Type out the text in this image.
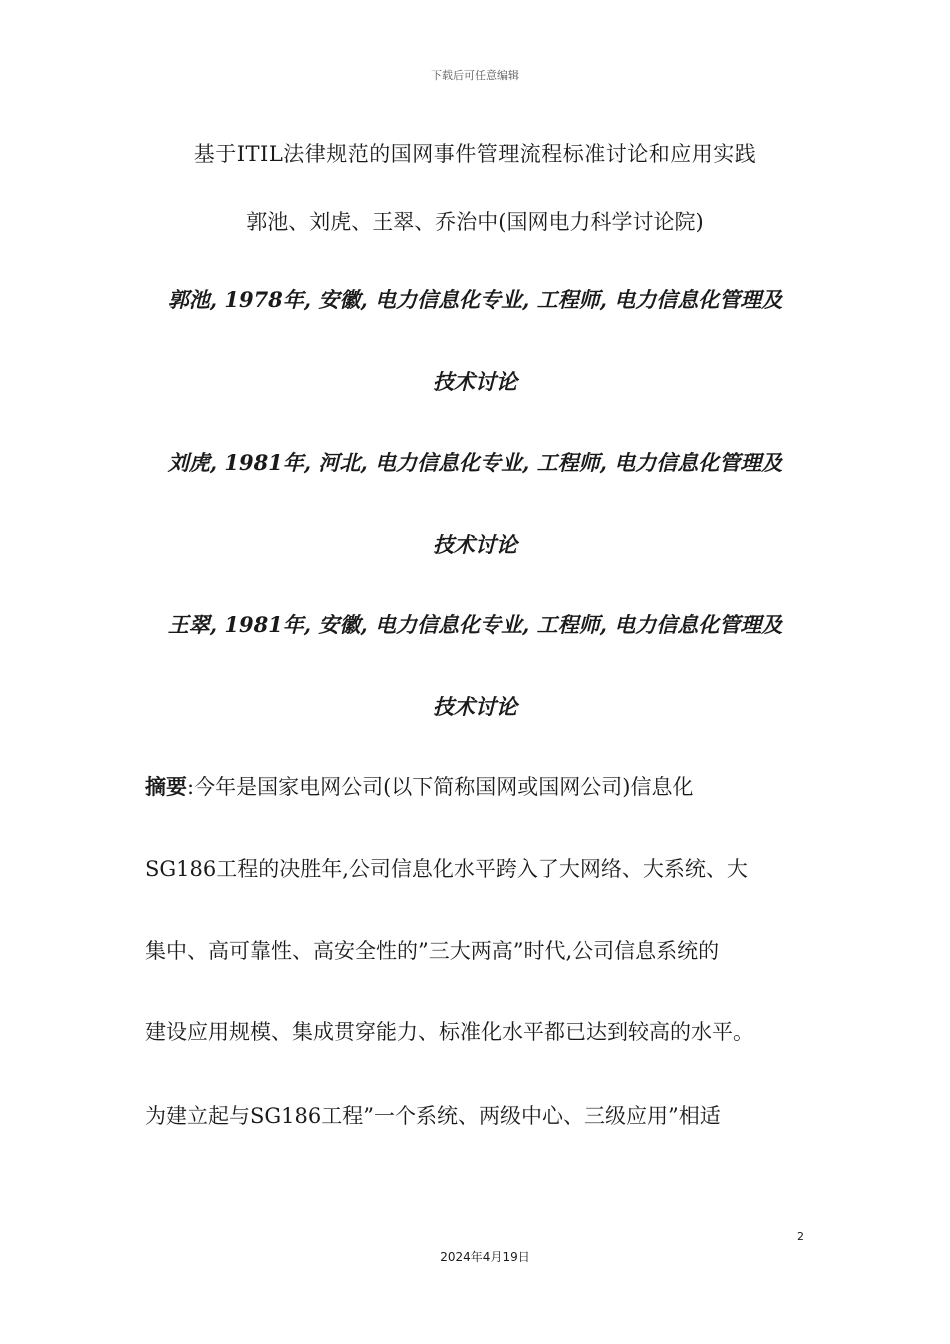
下载后可任意编辑
基于ITIL法律规范的国网事件管理流程标准讨论和应用实践
郭池、刘虎、王翠、乔治中(国网电力科学讨论院)
郭池, 1978年, 安徽, 电力信息化专业, 工程师, 电力信息化管理及
技术讨论
刘虎, 1981年, 河北, 电力信息化专业, 工程师, 电力信息化管理及
技术讨论
王翠, 1981年, 安徽, 电力信息化专业, 工程师, 电力信息化管理及
技术讨论
摘要:今年是国家电网公司(以下简称国网或国网公司)信息化
SG186工程的决胜年,公司信息化水平跨入了大网络、大系统、大
集中、高可靠性、高安全性的”三大两高”时代,公司信息系统的
建设应用规模、集成贯穿能力、标准化水平都已达到较高的水平。
为建立起与SG186工程”一个系统、两级中心、三级应用”相适
2
2024年4月19日
